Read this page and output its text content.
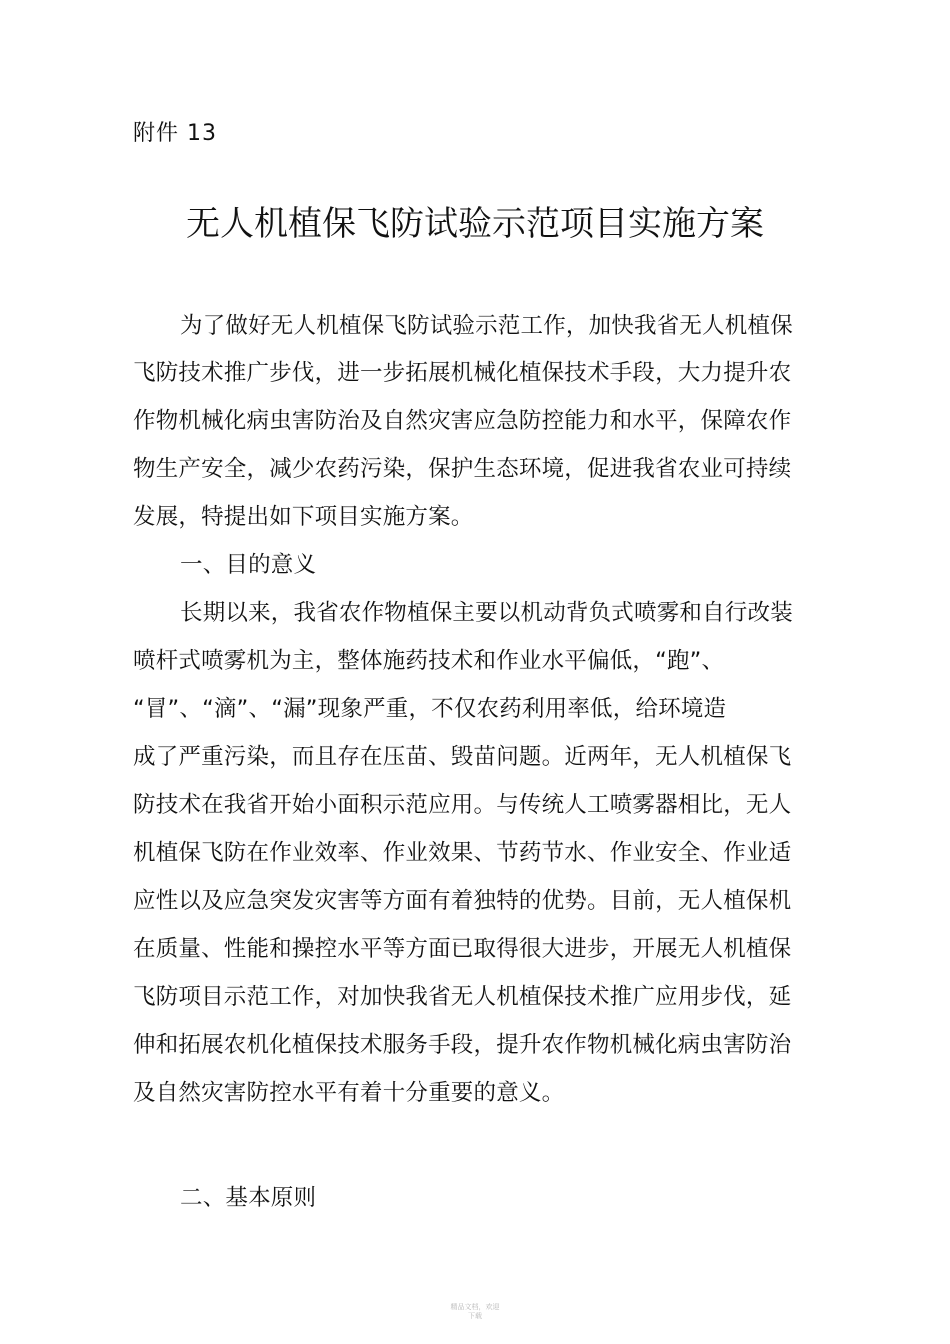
附件 13
无人机植保飞防试验示范项目实施方案
为了做好无人机植保飞防试验示范工作，加快我省无人机植保
飞防技术推广步伐，进一步拓展机械化植保技术手段，大力提升农
作物机械化病虫害防治及自然灾害应急防控能力和水平，保障农作
物生产安全，减少农药污染，保护生态环境，促进我省农业可持续
发展，特提出如下项目实施方案。
一、目的意义
长期以来，我省农作物植保主要以机动背负式喷雾和自行改装
喷杆式喷雾机为主，整体施药技术和作业水平偏低，“跑”、
“冒”、“滴”、“漏”现象严重，不仅农药利用率低，给环境造
成了严重污染，而且存在压苗、毁苗问题。近两年，无人机植保飞
防技术在我省开始小面积示范应用。与传统人工喷雾器相比，无人
机植保飞防在作业效率、作业效果、节药节水、作业安全、作业适
应性以及应急突发灾害等方面有着独特的优势。目前，无人植保机
在质量、性能和操控水平等方面已取得很大进步，开展无人机植保
飞防项目示范工作，对加快我省无人机植保技术推广应用步伐，延
伸和拓展农机化植保技术服务手段，提升农作物机械化病虫害防治
及自然灾害防控水平有着十分重要的意义。
二、基本原则
精品文档，欢迎
下载
